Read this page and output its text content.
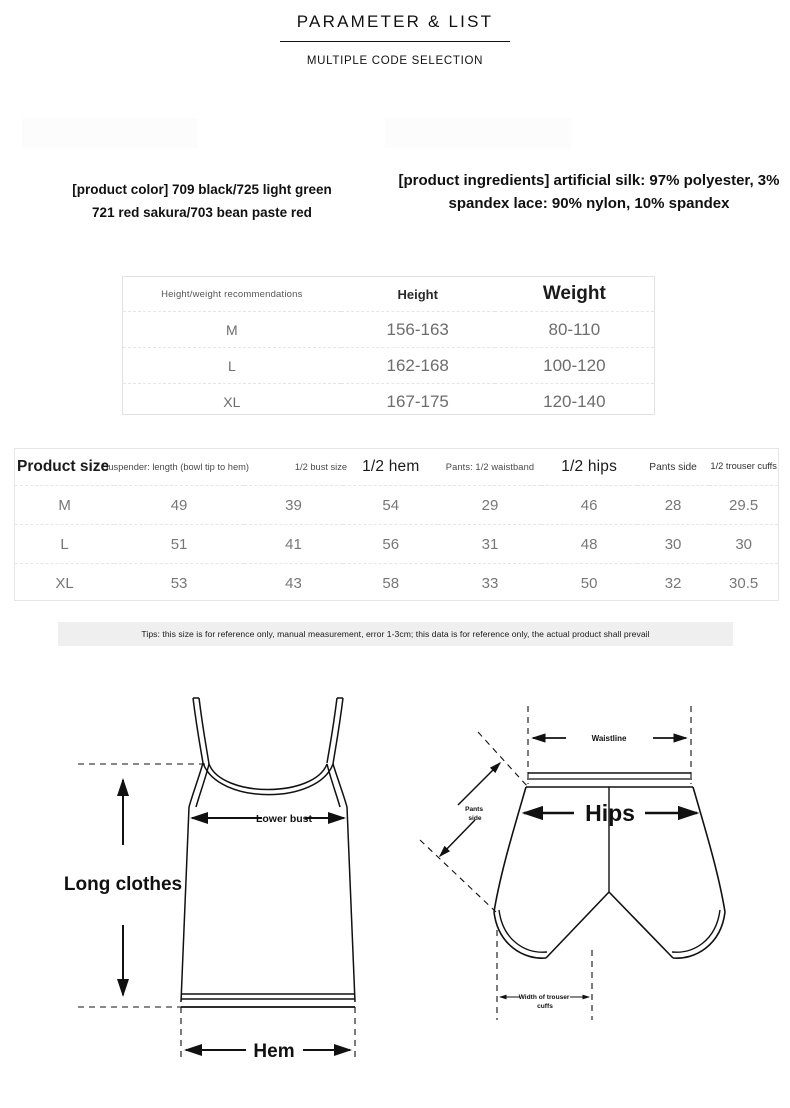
PARAMETER & LIST
MULTIPLE CODE SELECTION
[product color] 709 black/725 light green
721 red sakura/703 bean paste red
[product ingredients] artificial silk: 97% polyester, 3% spandex lace: 90% nylon, 10% spandex
Height/weight recommendations	Height	Weight
M	156-163	80-110
L	162-168	100-120
XL	167-175	120-140
Product size	Suspender: length (bowl tip to hem)	1/2 bust size	1/2 hem	Pants: 1/2 waistband	1/2 hips	Pants side	1/2 trouser cuffs

M	49	39	54	29	46	28	29.5
L	51	41	56	31	48	30	30
XL	53	43	58	33	50	32	30.5
Tips: this size is for reference only, manual measurement, error 1-3cm; this data is for reference only, the actual product shall prevail
Long clothes
Lower bust
Hem
Waistline
Hips
Pants side
Width of trouser cuffs
